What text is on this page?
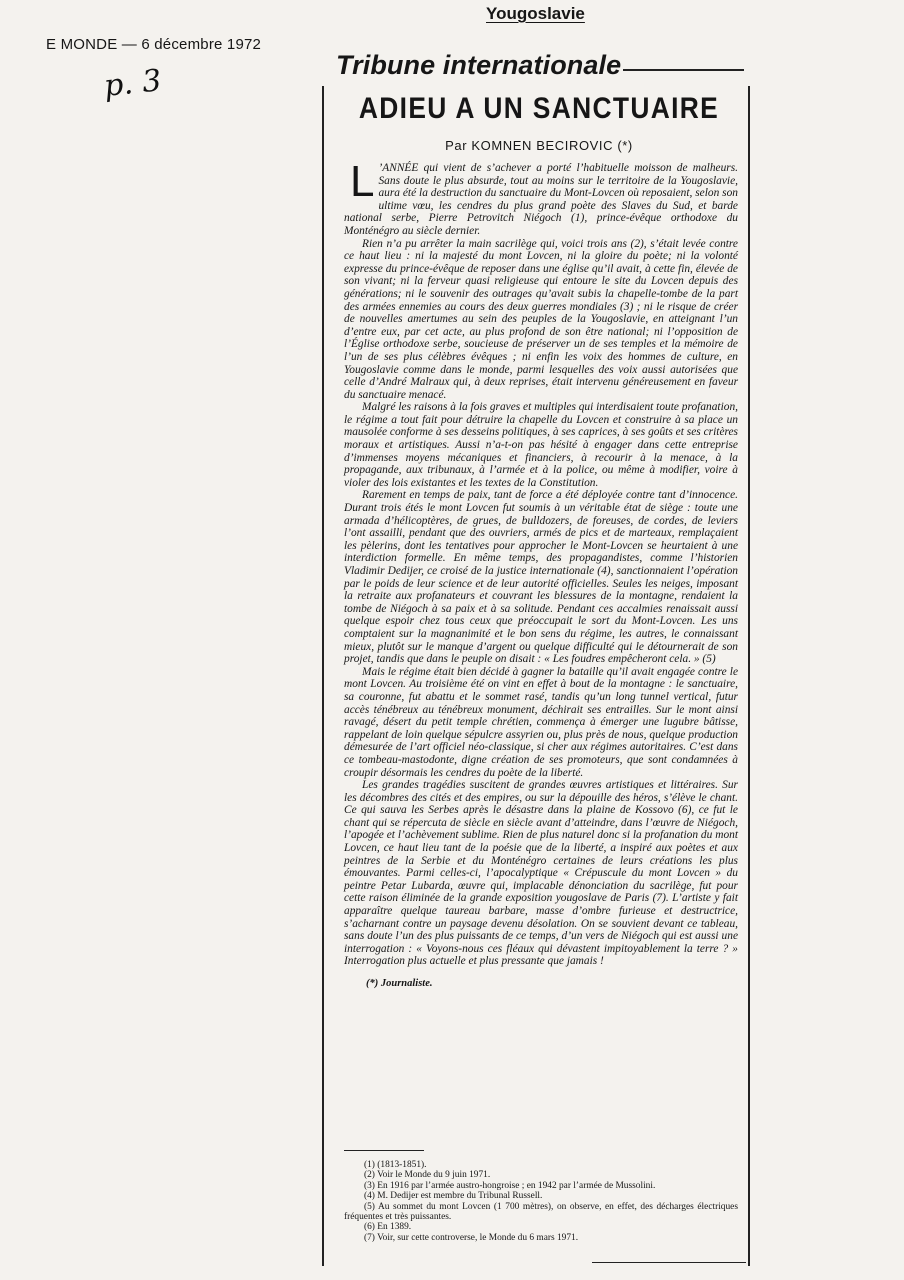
E MONDE — 6 décembre 1972
p. 3
Yougoslavie
Tribune internationale
ADIEU A UN SANCTUAIRE
Par KOMNEN BECIROVIC (*)

L ’ANNÉE qui vient de s’achever a porté l’habituelle moisson de malheurs. Sans doute le plus absurde, tout au moins sur le territoire de la Yougoslavie, aura été la destruction du sanctuaire du Mont-Lovcen où reposaient, selon son ultime vœu, les cendres du plus grand poète des Slaves du Sud, et barde national serbe, Pierre Petrovitch Niégoch (1), prince-évêque orthodoxe du Monténégro au siècle dernier.

Rien n’a pu arrêter la main sacrilège qui, voici trois ans (2), s’était levée contre ce haut lieu : ni la majesté du mont Lovcen, ni la gloire du poète; ni la volonté expresse du prince-évêque de reposer dans une église qu’il avait, à cette fin, élevée de son vivant; ni la ferveur quasi religieuse qui entoure le site du Lovcen depuis des générations; ni le souvenir des outrages qu’avait subis la chapelle-tombe de la part des armées ennemies au cours des deux guerres mondiales (3) ; ni le risque de créer de nouvelles amertumes au sein des peuples de la Yougoslavie, en atteignant l’un d’entre eux, par cet acte, au plus profond de son être national; ni l’opposition de l’Église orthodoxe serbe, soucieuse de préserver un de ses temples et la mémoire de l’un de ses plus célèbres évêques ; ni enfin les voix des hommes de culture, en Yougoslavie comme dans le monde, parmi lesquelles des voix aussi autorisées que celle d’André Malraux qui, à deux reprises, était intervenu généreusement en faveur du sanctuaire menacé.

Malgré les raisons à la fois graves et multiples qui interdisaient toute profanation, le régime a tout fait pour détruire la chapelle du Lovcen et construire à sa place un mausolée conforme à ses desseins politiques, à ses caprices, à ses goûts et ses critères moraux et artistiques. Aussi n’a-t-on pas hésité à engager dans cette entreprise d’immenses moyens mécaniques et financiers, à recourir à la menace, à la propagande, aux tribunaux, à l’armée et à la police, ou même à modifier, voire à violer des lois existantes et les textes de la Constitution.

Rarement en temps de paix, tant de force a été déployée contre tant d’innocence. Durant trois étés le mont Lovcen fut soumis à un véritable état de siège : toute une armada d’hélicoptères, de grues, de bulldozers, de foreuses, de cordes, de leviers l’ont assailli, pendant que des ouvriers, armés de pics et de marteaux, remplaçaient les pèlerins, dont les tentatives pour approcher le Mont-Lovcen se heurtaient à une interdiction formelle. En même temps, des propagandistes, comme l’historien Vladimir Dedijer, ce croisé de la justice internationale (4), sanctionnaient l’opération par le poids de leur science et de leur autorité officielles. Seules les neiges, imposant la retraite aux profanateurs et couvrant les blessures de la montagne, rendaient la tombe de Niégoch à sa paix et à sa solitude. Pendant ces accalmies renaissait aussi quelque espoir chez tous ceux que préoccupait le sort du Mont-Lovcen. Les uns comptaient sur la magnanimité et le bon sens du régime, les autres, le connaissant mieux, plutôt sur le manque d’argent ou quelque difficulté qui le détournerait de son projet, tandis que dans le peuple on disait : « Les foudres empêcheront cela. » (5)

Mais le régime était bien décidé à gagner la bataille qu’il avait engagée contre le mont Lovcen. Au troisième été on vint en effet à bout de la montagne : le sanctuaire, sa couronne, fut abattu et le sommet rasé, tandis qu’un long tunnel vertical, futur accès ténébreux au ténébreux monument, déchirait ses entrailles. Sur le mont ainsi ravagé, désert du petit temple chrétien, commença à émerger une lugubre bâtisse, rappelant de loin quelque sépulcre assyrien ou, plus près de nous, quelque production démesurée de l’art officiel néo-classique, si cher aux régimes autoritaires. C’est dans ce tombeau-mastodonte, digne création de ses promoteurs, que sont condamnées à croupir désormais les cendres du poète de la liberté.

Les grandes tragédies suscitent de grandes œuvres artistiques et littéraires. Sur les décombres des cités et des empires, ou sur la dépouille des héros, s’élève le chant. Ce qui sauva les Serbes après le désastre dans la plaine de Kossovo (6), ce fut le chant qui se répercuta de siècle en siècle avant d’atteindre, dans l’œuvre de Niégoch, l’apogée et l’achèvement sublime. Rien de plus naturel donc si la profanation du mont Lovcen, ce haut lieu tant de la poésie que de la liberté, a inspiré aux poètes et aux peintres de la Serbie et du Monténégro certaines de leurs créations les plus émouvantes. Parmi celles-ci, l’apocalyptique « Crépuscule du mont Lovcen » du peintre Petar Lubarda, œuvre qui, implacable dénonciation du sacrilège, fut pour cette raison éliminée de la grande exposition yougoslave de Paris (7). L’artiste y fait apparaître quelque taureau barbare, masse d’ombre furieuse et destructrice, s’acharnant contre un paysage devenu désolation. On se souvient devant ce tableau, sans doute l’un des plus puissants de ce temps, d’un vers de Niégoch qui est aussi une interrogation : « Voyons-nous ces fléaux qui dévastent impitoyablement la terre ? » Interrogation plus actuelle et plus pressante que jamais !

(*) Journaliste.
(1) (1813-1851).
(2) Voir le Monde du 9 juin 1971.
(3) En 1916 par l’armée austro-hongroise ; en 1942 par l’armée de Mussolini.
(4) M. Dedijer est membre du Tribunal Russell.
(5) Au sommet du mont Lovcen (1 700 mètres), on observe, en effet, des décharges électriques fréquentes et très puissantes.
(6) En 1389.
(7) Voir, sur cette controverse, le Monde du 6 mars 1971.
